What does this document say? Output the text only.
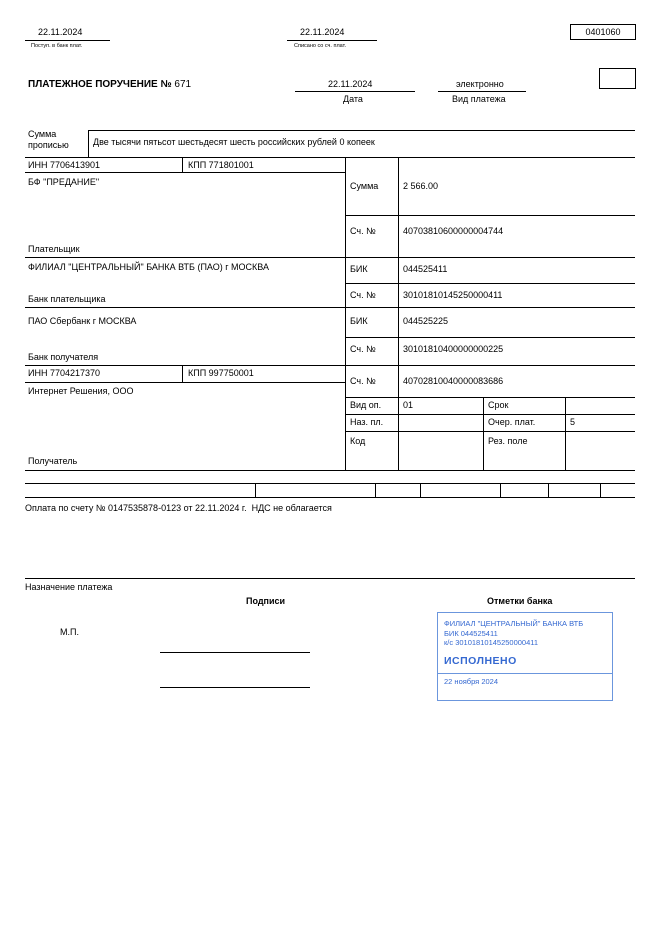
22.11.2024
Поступ. в банк плат.
22.11.2024
Списано со сч. плат.
0401060
ПЛАТЕЖНОЕ ПОРУЧЕНИЕ № 671	22.11.2024
Дата
электронно
Вид платежа
Сумма прописью	Две тысячи пятьсот шестьдесят шесть российских рублей 0 копеек
ИНН 7706413901	КПП 771801001
БФ "ПРЕДАНИЕ"
Плательщик
Сумма	2 566.00
Сч. №	40703810600000004744
ФИЛИАЛ "ЦЕНТРАЛЬНЫЙ" БАНКА ВТБ (ПАО) г МОСКВА	БИК	044525411
Сч. №	30101810145250000411
Банк плательщика
ПАО Сбербанк г МОСКВА	БИК	044525225
Сч. №	30101810400000000225
Банк получателя
ИНН 7704217370	КПП 997750001
Сч. №	40702810040000083686
Интернет Решения, ООО
Вид оп. 01	Срок
Наз. пл.	Очер. плат.	5
Код	Рез. поле
Получатель
Оплата по счету № 0147535878-0123 от 22.11.2024 г.  НДС не облагается
Назначение платежа
Подписи	Отметки банка
М.П.
ФИЛИАЛ "ЦЕНТРАЛЬНЫЙ" БАНКА ВТБ
БИК 044525411
к/с 30101810145250000411
ИСПОЛНЕНО
22 ноября 2024
